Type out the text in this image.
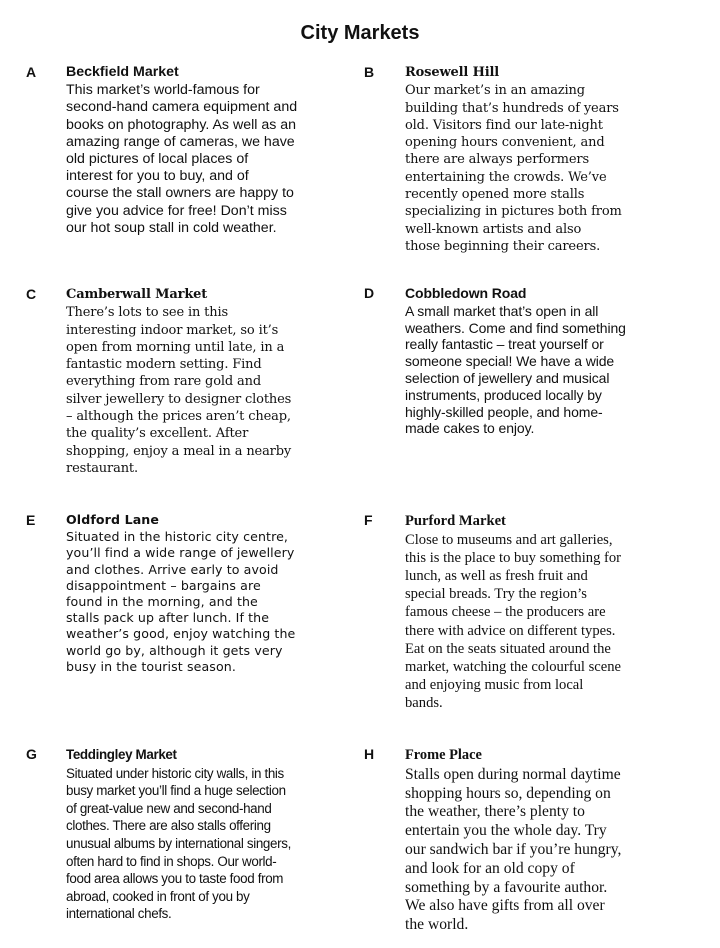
City Markets
A Beckfield Market
This market’s world-famous for
second-hand camera equipment and
books on photography. As well as an
amazing range of cameras, we have
old pictures of local places of
interest for you to buy, and of
course the stall owners are happy to
give you advice for free! Don’t miss
our hot soup stall in cold weather.
B Rosewell Hill
Our market’s in an amazing
building that’s hundreds of years
old. Visitors find our late-night
opening hours convenient, and
there are always performers
entertaining the crowds. We’ve
recently opened more stalls
specializing in pictures both from
well-known artists and also
those beginning their careers.
C Camberwall Market
There’s lots to see in this
interesting indoor market, so it’s
open from morning until late, in a
fantastic modern setting. Find
everything from rare gold and
silver jewellery to designer clothes
– although the prices aren’t cheap,
the quality’s excellent. After
shopping, enjoy a meal in a nearby
restaurant.
D Cobbledown Road
A small market that’s open in all
weathers. Come and find something
really fantastic – treat yourself or
someone special! We have a wide
selection of jewellery and musical
instruments, produced locally by
highly-skilled people, and home-
made cakes to enjoy.
E Oldford Lane
Situated in the historic city centre,
you’ll find a wide range of jewellery
and clothes. Arrive early to avoid
disappointment – bargains are
found in the morning, and the
stalls pack up after lunch. If the
weather’s good, enjoy watching the
world go by, although it gets very
busy in the tourist season.
F Purford Market
Close to museums and art galleries,
this is the place to buy something for
lunch, as well as fresh fruit and
special breads. Try the region’s
famous cheese – the producers are
there with advice on different types.
Eat on the seats situated around the
market, watching the colourful scene
and enjoying music from local
bands.
G Teddingley Market
Situated under historic city walls, in this
busy market you’ll find a huge selection
of great-value new and second-hand
clothes. There are also stalls offering
unusual albums by international singers,
often hard to find in shops. Our world-
food area allows you to taste food from
abroad, cooked in front of you by
international chefs.
H Frome Place
Stalls open during normal daytime
shopping hours so, depending on
the weather, there’s plenty to
entertain you the whole day. Try
our sandwich bar if you’re hungry,
and look for an old copy of
something by a favourite author.
We also have gifts from all over
the world.
